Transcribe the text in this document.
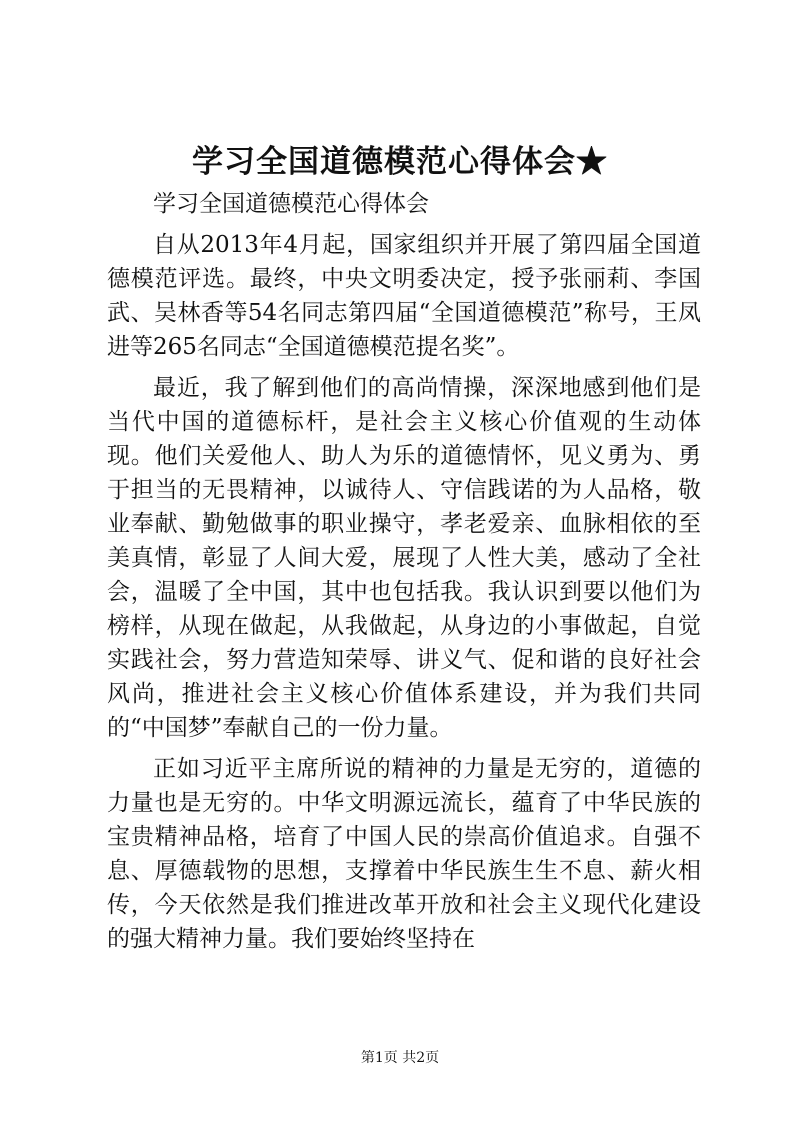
学习全国道德模范心得体会★

学习全国道德模范心得体会

自从2013年4月起，国家组织并开展了第四届全国道德模范评选。最终，中央文明委决定，授予张丽莉、李国武、吴林香等54名同志第四届“全国道德模范”称号，王凤进等265名同志“全国道德模范提名奖”。

最近，我了解到他们的高尚情操，深深地感到他们是当代中国的道德标杆，是社会主义核心价值观的生动体现。他们关爱他人、助人为乐的道德情怀，见义勇为、勇于担当的无畏精神，以诚待人、守信践诺的为人品格，敬业奉献、勤勉做事的职业操守，孝老爱亲、血脉相依的至美真情，彰显了人间大爱，展现了人性大美，感动了全社会，温暖了全中国，其中也包括我。我认识到要以他们为榜样，从现在做起，从我做起，从身边的小事做起，自觉实践社会，努力营造知荣辱、讲义气、促和谐的良好社会风尚，推进社会主义核心价值体系建设，并为我们共同的“中国梦”奉献自己的一份力量。

正如习近平主席所说的精神的力量是无穷的，道德的力量也是无穷的。中华文明源远流长，蕴育了中华民族的宝贵精神品格，培育了中国人民的崇高价值追求。自强不息、厚德载物的思想，支撑着中华民族生生不息、薪火相传，今天依然是我们推进改革开放和社会主义现代化建设的强大精神力量。我们要始终坚持在

第1页 共2页
